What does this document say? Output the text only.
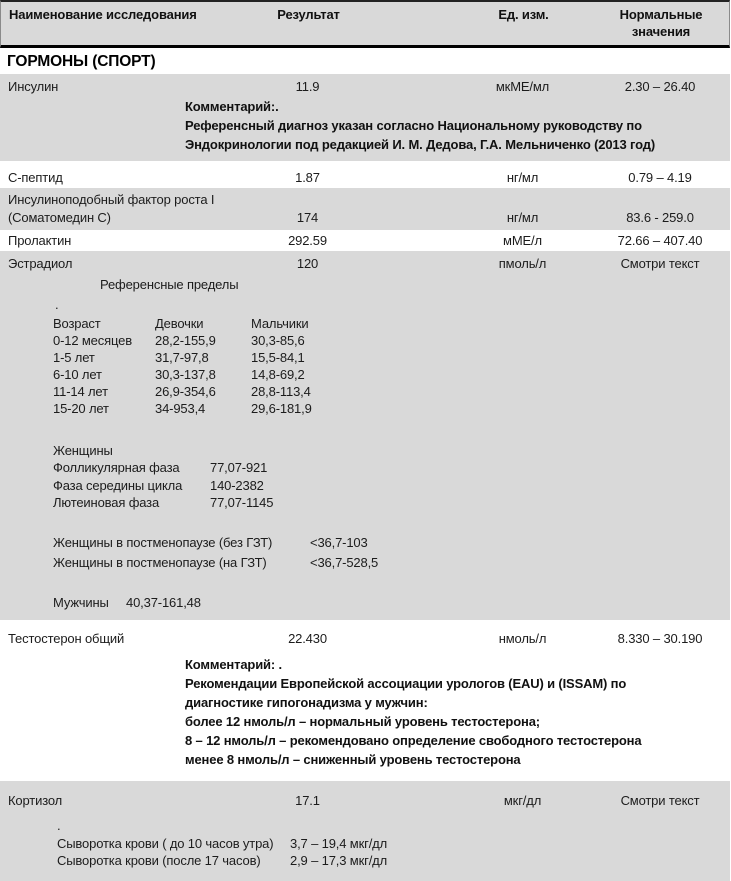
Наименование исследования	Результат	Ед. изм.	Нормальные
значения
ГОРМОНЫ (СПОРТ)
Инсулин	11.9	мкМЕ/мл	2.30 – 26.40
Комментарий:.
Референсный диагноз указан согласно Национальному руководству по
Эндокринологии под редакцией И. М. Дедова, Г.А. Мельниченко (2013 год)
С-пептид	1.87	нг/мл	0.79 – 4.19
Инсулиноподобный фактор роста I
(Соматомедин С)	174	нг/мл	83.6 - 259.0
Пролактин	292.59	мМЕ/л	72.66 – 407.40
Эстрадиол	120	пмоль/л	Смотри текст
Референсные пределы
.
Возраст	Девочки	Мальчики
0-12 месяцев	28,2-155,9	30,3-85,6
1-5 лет	31,7-97,8	15,5-84,1
6-10 лет	30,3-137,8	14,8-69,2
11-14 лет	26,9-354,6	28,8-113,4
15-20 лет	34-953,4	29,6-181,9
Женщины
Фолликулярная фаза	77,07-921
Фаза середины цикла	140-2382
Лютеиновая фаза	77,07-1145
Женщины в постменопаузе (без ГЗТ)	<36,7-103
Женщины в постменопаузе (на ГЗТ)	<36,7-528,5
Мужчины	40,37-161,48
Тестостерон общий	22.430	нмоль/л	8.330 – 30.190
Комментарий: .
Рекомендации Европейской ассоциации урологов (EAU) и (ISSAM) по
диагностике гипогонадизма у мужчин:
более 12 нмоль/л – нормальный уровень тестостерона;
8 – 12 нмоль/л – рекомендовано определение свободного тестостерона
менее 8 нмоль/л – сниженный уровень тестостерона
Кортизол	17.1	мкг/дл	Смотри текст
.
Сыворотка крови ( до 10 часов утра)	3,7 – 19,4 мкг/дл
Сыворотка крови (после 17 часов)	2,9 – 17,3 мкг/дл
